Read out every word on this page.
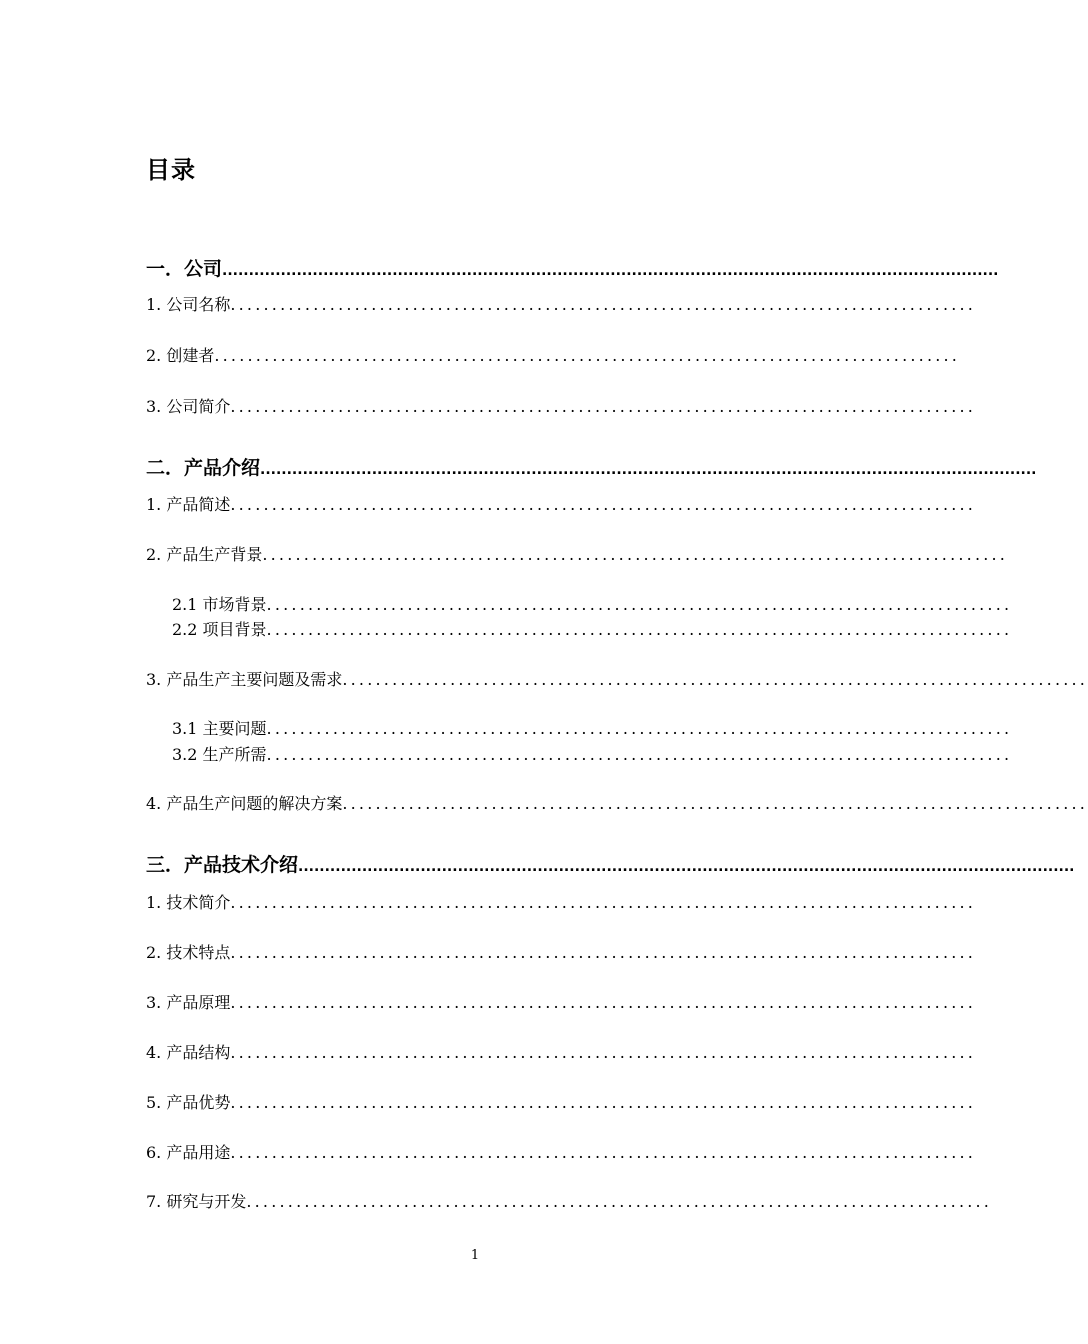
目录
一．公司 ..................................................................................................................................................
1. 公司名称 ..........................................................................................
2. 创建者 ..........................................................................................
3. 公司简介 ..........................................................................................
二．产品介绍 ..................................................................................................................................................
1. 产品简述 ..........................................................................................
2. 产品生产背景 ..........................................................................................
2.1 市场背景 ..........................................................................................
2.2 项目背景 ..........................................................................................
3. 产品生产主要问题及需求 ..........................................................................................
3.1 主要问题 ..........................................................................................
3.2 生产所需 ..........................................................................................
4. 产品生产问题的解决方案 ..........................................................................................
三．产品技术介绍 ..................................................................................................................................................
1. 技术简介 ..........................................................................................
2. 技术特点 ..........................................................................................
3. 产品原理 ..........................................................................................
4. 产品结构 ..........................................................................................
5. 产品优势 ..........................................................................................
6. 产品用途 ..........................................................................................
7. 研究与开发 ..........................................................................................
1
